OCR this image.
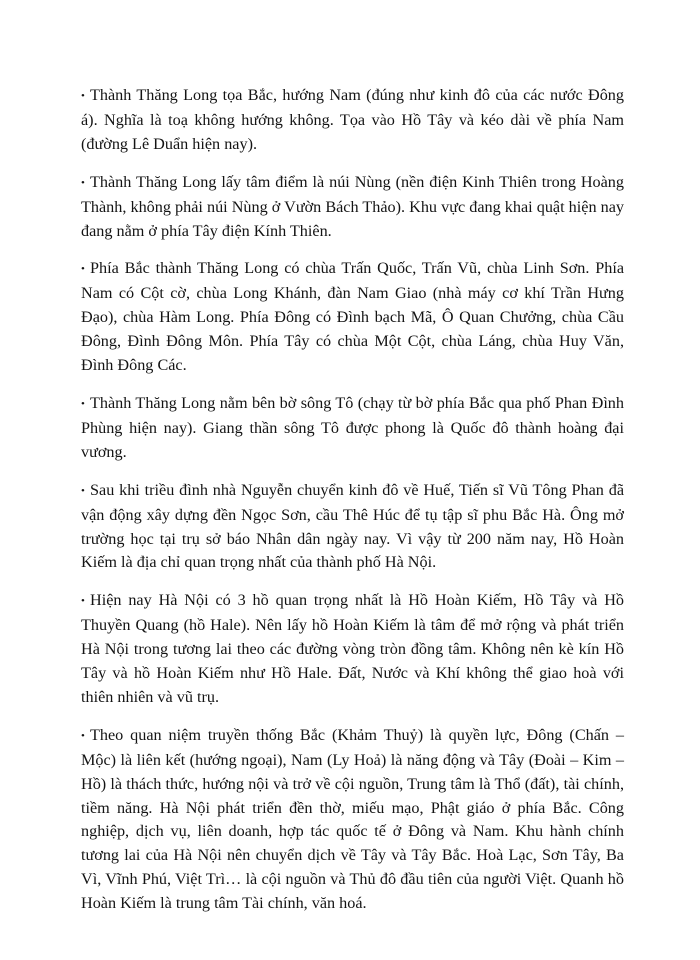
• Thành Thăng Long tọa Bắc, hướng Nam (đúng như kinh đô của các nước Đông á). Nghĩa là toạ không hướng không. Tọa vào Hồ Tây và kéo dài về phía Nam (đường Lê Duẩn hiện nay).

• Thành Thăng Long lấy tâm điểm là núi Nùng (nền điện Kinh Thiên trong Hoàng Thành, không phải núi Nùng ở Vườn Bách Thảo). Khu vực đang khai quật hiện nay đang nằm ở phía Tây điện Kính Thiên.

• Phía Bắc thành Thăng Long có chùa Trấn Quốc, Trấn Vũ, chùa Linh Sơn. Phía Nam có Cột cờ, chùa Long Khánh, đàn Nam Giao (nhà máy cơ khí Trần Hưng Đạo), chùa Hàm Long. Phía Đông có Đình bạch Mã, Ô Quan Chưởng, chùa Cầu Đông, Đình Đông Môn. Phía Tây có chùa Một Cột, chùa Láng, chùa Huy Văn, Đình Đông Các.

• Thành Thăng Long nằm bên bờ sông Tô (chạy từ bờ phía Bắc qua phố Phan Đình Phùng hiện nay). Giang thần sông Tô được phong là Quốc đô thành hoàng đại vương.

• Sau khi triều đình nhà Nguyễn chuyển kinh đô về Huế, Tiến sĩ Vũ Tông Phan đã vận động xây dựng đền Ngọc Sơn, cầu Thê Húc để tụ tập sĩ phu Bắc Hà. Ông mở trường học tại trụ sở báo Nhân dân ngày nay. Vì vậy từ 200 năm nay, Hồ Hoàn Kiếm là địa chỉ quan trọng nhất của thành phố Hà Nội.

• Hiện nay Hà Nội có 3 hồ quan trọng nhất là Hồ Hoàn Kiếm, Hồ Tây và Hồ Thuyền Quang (hồ Hale). Nên lấy hồ Hoàn Kiếm là tâm để mở rộng và phát triển Hà Nội trong tương lai theo các đường vòng tròn đồng tâm. Không nên kè kín Hồ Tây và hồ Hoàn Kiếm như Hồ Hale. Đất, Nước và Khí không thể giao hoà với thiên nhiên và vũ trụ.

• Theo quan niệm truyền thống Bắc (Khảm Thuỷ) là quyền lực, Đông (Chấn – Mộc) là liên kết (hướng ngoại), Nam (Ly Hoả) là năng động và Tây (Đoài – Kim – Hồ) là thách thức, hướng nội và trở về cội nguồn, Trung tâm là Thổ (đất), tài chính, tiềm năng. Hà Nội phát triển đền thờ, miếu mạo, Phật giáo ở phía Bắc. Công nghiệp, dịch vụ, liên doanh, hợp tác quốc tế ở Đông và Nam. Khu hành chính tương lai của Hà Nội nên chuyển dịch về Tây và Tây Bắc. Hoà Lạc, Sơn Tây, Ba Vì, Vĩnh Phú, Việt Trì… là cội nguồn và Thủ đô đầu tiên của người Việt. Quanh hồ Hoàn Kiếm là trung tâm Tài chính, văn hoá.
